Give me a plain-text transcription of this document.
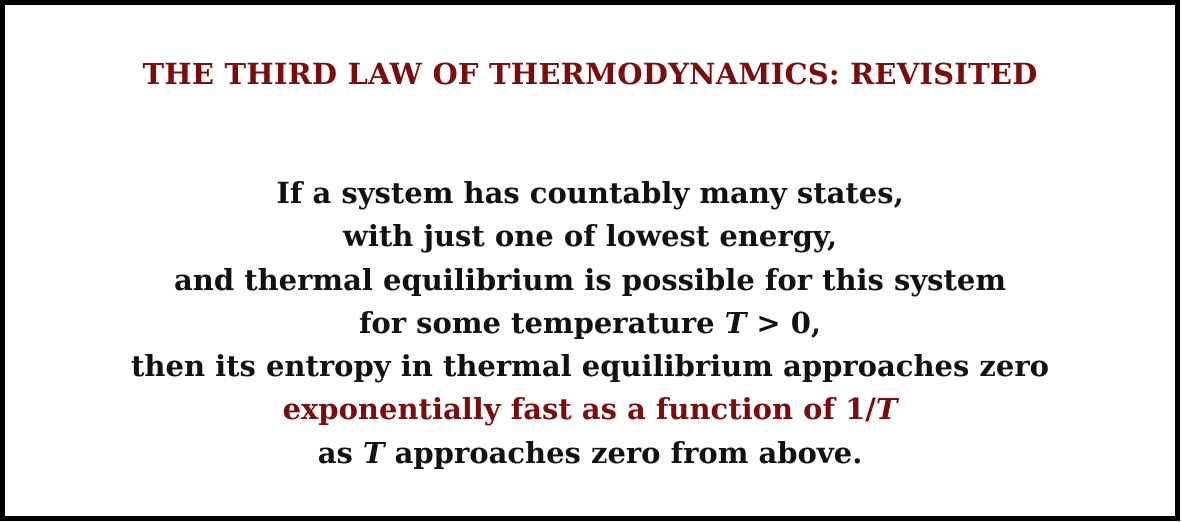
THE THIRD LAW OF THERMODYNAMICS: REVISITED
If a system has countably many states,
with just one of lowest energy,
and thermal equilibrium is possible for this system
for some temperature T > 0,
then its entropy in thermal equilibrium approaches zero
exponentially fast as a function of 1/T
as T approaches zero from above.
